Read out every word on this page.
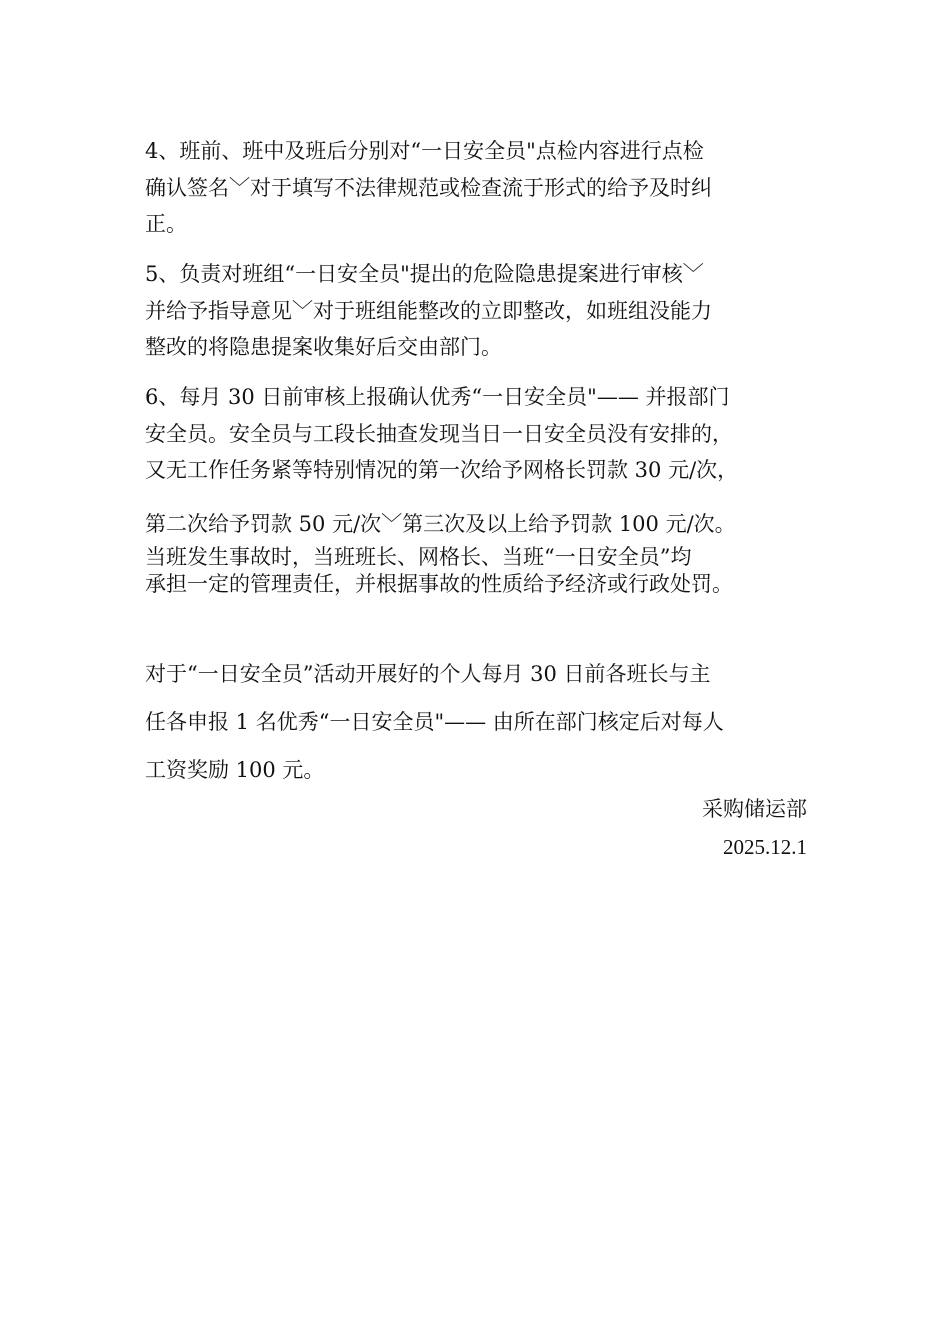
4、班前、班中及班后分别对“一日安全员"点检内容进行点检
确认签名﹀对于填写不法律规范或检查流于形式的给予及时纠
正。

5、负责对班组“一日安全员"提出的危险隐患提案进行审核﹀
并给予指导意见﹀对于班组能整改的立即整改，如班组没能力
整改的将隐患提案收集好后交由部门。

6、每月 30 日前审核上报确认优秀“一日安全员"—— 并报部门
安全员。安全员与工段长抽查发现当日一日安全员没有安排的，
又无工作任务紧等特别情况的第一次给予网格长罚款 30 元/次，

第二次给予罚款 50 元/次﹀第三次及以上给予罚款 100 元/次。

当班发生事故时，当班班长、网格长、当班“一日安全员”均
承担一定的管理责任，并根据事故的性质给予经济或行政处罚。

对于“一日安全员”活动开展好的个人每月 30 日前各班长与主
任各申报 1 名优秀“一日安全员"—— 由所在部门核定后对每人
工资奖励 100 元。

采购储运部
2025.12.1
